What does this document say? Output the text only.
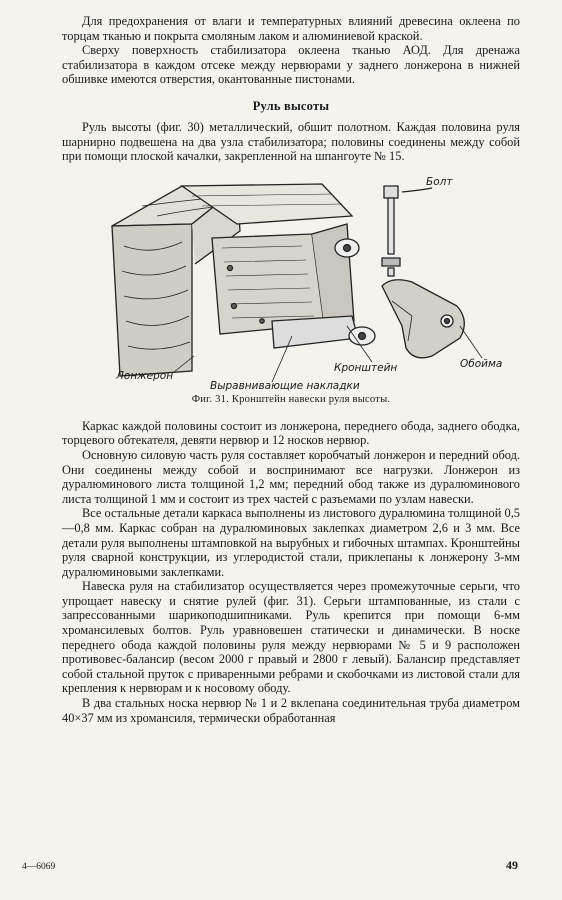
Для предохранения от влаги и температурных влияний древесина оклеена по торцам тканью и покрыта смоляным лаком и алюминиевой краской.

Сверху поверхность стабилизатора оклеена тканью АОД. Для дренажа стабилизатора в каждом отсеке между нервюрами у заднего лонжерона в нижней обшивке имеются отверстия, окантованные пистонами.

Руль высоты

Руль высоты (фиг. 30) металлический, обшит полотном. Каждая половина руля шарнирно подвешена на два узла стабилизатора; половины соединены между собой при помощи плоской качалки, закрепленной на шпангоуте № 15.

Болт
Обойма
Кронштейн
Лонжерон
Выравнивающие накладки
Фиг. 31. Кронштейн навески руля высоты.

Каркас каждой половины состоит из лонжерона, переднего обода, заднего ободка, торцевого обтекателя, девяти нервюр и 12 носков нервюр.

Основную силовую часть руля составляет коробчатый лонжерон и передний обод. Они соединены между собой и воспринимают все нагрузки. Лонжерон из дуралюминового листа толщиной 1,2 мм; передний обод также из дуралюминового листа толщиной 1 мм и состоит из трех частей с разъемами по узлам навески.

Все остальные детали каркаса выполнены из листового дуралюмина толщиной 0,5—0,8 мм. Каркас собран на дуралюминовых заклепках диаметром 2,6 и 3 мм. Все детали руля выполнены штамповкой на вырубных и гибочных штампах. Кронштейны руля сварной конструкции, из углеродистой стали, приклепаны к лонжерону 3-мм дуралюминовыми заклепками.

Навеска руля на стабилизатор осуществляется через промежуточные серьги, что упрощает навеску и снятие рулей (фиг. 31). Серьги штампованные, из стали с запрессованными шарикоподшипниками. Руль крепится при помощи 6-мм хромансилевых болтов. Руль уравновешен статически и динамически. В носке переднего обода каждой половины руля между нервюрами № 5 и 9 расположен противовес-балансир (весом 2000 г правый и 2800 г левый). Балансир представляет собой стальной пруток с приваренными ребрами и скобочками из листовой стали для крепления к нервюрам и к носовому ободу.

В два стальных носка нервюр № 1 и 2 вклепана соединительная труба диаметром 40×37 мм из хромансиля, термически обработанная

4—6069	49
